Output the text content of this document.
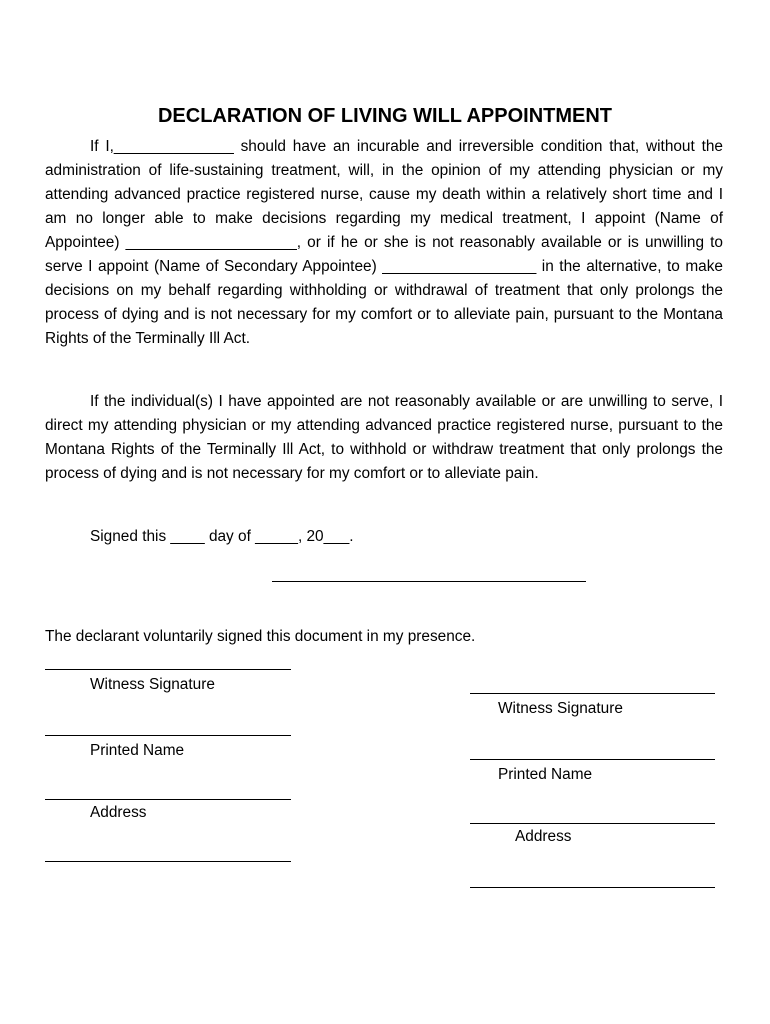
DECLARATION OF LIVING WILL APPOINTMENT

If I,______________ should have an incurable and irreversible condition that, without the administration of life-sustaining treatment, will, in the opinion of my attending physician or my attending advanced practice registered nurse, cause my death within a relatively short time and I am no longer able to make decisions regarding my medical treatment, I appoint (Name of Appointee) ____________________, or if he or she is not reasonably available or is unwilling to serve I appoint (Name of Secondary Appointee) __________________ in the alternative, to make decisions on my behalf regarding withholding or withdrawal of treatment that only prolongs the process of dying and is not necessary for my comfort or to alleviate pain, pursuant to the Montana Rights of the Terminally Ill Act.

If the individual(s) I have appointed are not reasonably available or are unwilling to serve, I direct my attending physician or my attending advanced practice registered nurse, pursuant to the Montana Rights of the Terminally Ill Act, to withhold or withdraw treatment that only prolongs the process of dying and is not necessary for my comfort or to alleviate pain.

Signed this ____ day of _____, 20___.
The declarant voluntarily signed this document in my presence.
Witness Signature
Printed Name
Address
Witness Signature
Printed Name
Address
